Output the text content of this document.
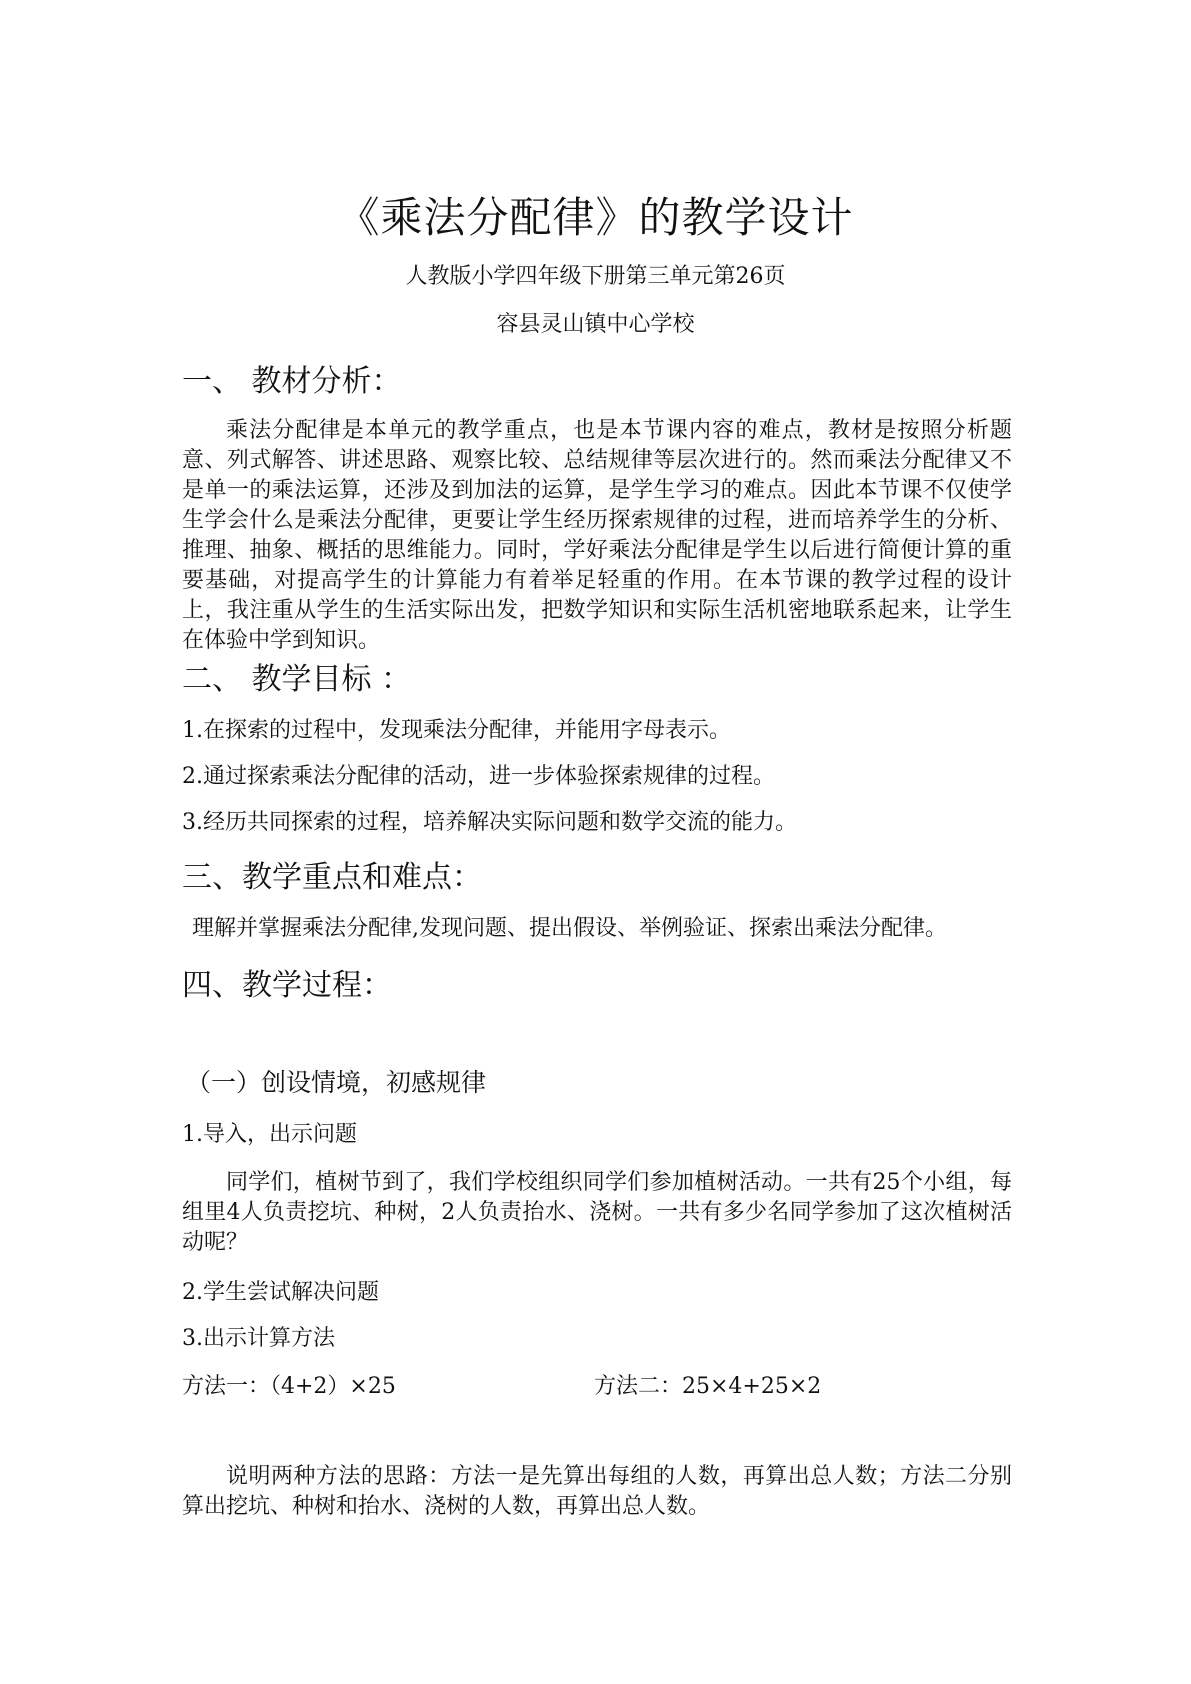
《乘法分配律》的教学设计
人教版小学四年级下册第三单元第26页
容县灵山镇中心学校
一、 教材分析：
乘法分配律是本单元的教学重点，也是本节课内容的难点，教材是按照分析题意、列式解答、讲述思路、观察比较、总结规律等层次进行的。然而乘法分配律又不是单一的乘法运算，还涉及到加法的运算，是学生学习的难点。因此本节课不仅使学生学会什么是乘法分配律，更要让学生经历探索规律的过程，进而培养学生的分析、推理、抽象、概括的思维能力。同时，学好乘法分配律是学生以后进行简便计算的重要基础，对提高学生的计算能力有着举足轻重的作用。在本节课的教学过程的设计上，我注重从学生的生活实际出发，把数学知识和实际生活机密地联系起来，让学生在体验中学到知识。
二、 教学目标 ：
1.在探索的过程中，发现乘法分配律，并能用字母表示。
2.通过探索乘法分配律的活动，进一步体验探索规律的过程。
3.经历共同探索的过程，培养解决实际问题和数学交流的能力。
三、教学重点和难点：
理解并掌握乘法分配律,发现问题、提出假设、举例验证、探索出乘法分配律。
四、教学过程：
（一）创设情境，初感规律
1.导入，出示问题
同学们，植树节到了，我们学校组织同学们参加植树活动。一共有25个小组，每组里4人负责挖坑、种树，2人负责抬水、浇树。一共有多少名同学参加了这次植树活动呢？
2.学生尝试解决问题
3.出示计算方法
方法一：（4+2）×25	方法二：25×4+25×2
说明两种方法的思路：方法一是先算出每组的人数，再算出总人数；方法二分别算出挖坑、种树和抬水、浇树的人数，再算出总人数。
